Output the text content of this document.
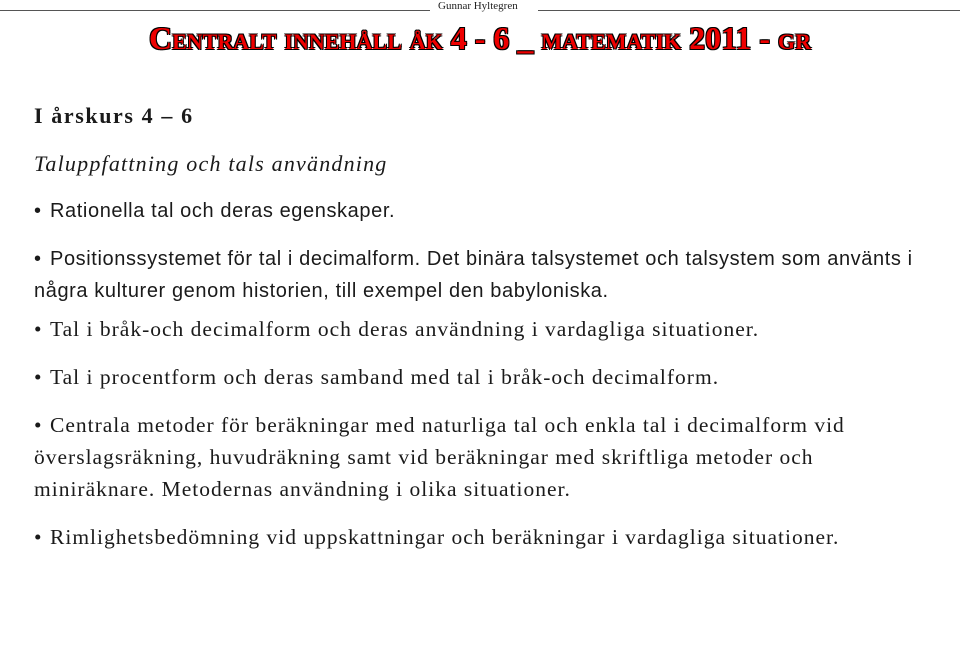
Gunnar Hyltegren
Centralt innehåll åk 4 - 6 _ matematik 2011 - gr
I årskurs 4 – 6
Taluppfattning och tals användning
• Rationella tal och deras egenskaper.
• Positionssystemet för tal i decimalform. Det binära talsystemet och talsystem som använts i några kulturer genom historien, till exempel den babyloniska.
• Tal i bråk-och decimalform och deras användning i vardagliga situationer.
• Tal i procentform och deras samband med tal i bråk-och decimalform.
• Centrala metoder för beräkningar med naturliga tal och enkla tal i decimalform vid överslagsräkning, huvudräkning samt vid beräkningar med skriftliga metoder och miniräknare. Metodernas användning i olika situationer.
• Rimlighetsbedömning vid uppskattningar och beräkningar i vardagliga situationer.
